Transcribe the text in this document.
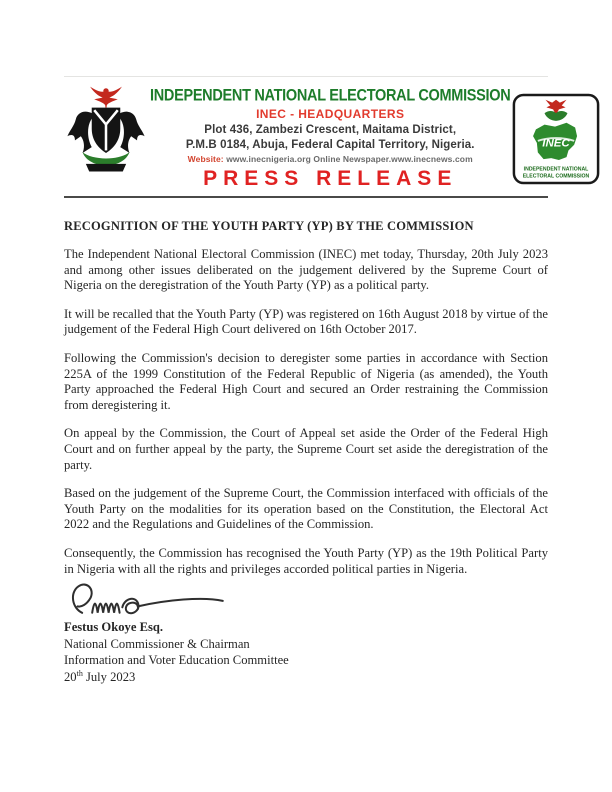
INDEPENDENT NATIONAL ELECTORAL COMMISSION
INEC - HEADQUARTERS
Plot 436, Zambezi Crescent, Maitama District,
P.M.B 0184, Abuja, Federal Capital Territory, Nigeria.
Website: www.inecnigeria.org Online Newspaper.www.inecnews.com
PRESS RELEASE
INEC
INDEPENDENT NATIONAL
ELECTORAL COMMISSION
RECOGNITION OF THE YOUTH PARTY (YP) BY THE COMMISSION

The Independent National Electoral Commission (INEC) met today, Thursday, 20th July 2023 and among other issues deliberated on the judgement delivered by the Supreme Court of Nigeria on the deregistration of the Youth Party (YP) as a political party.

It will be recalled that the Youth Party (YP) was registered on 16th August 2018 by virtue of the judgement of the Federal High Court delivered on 16th October 2017.

Following the Commission's decision to deregister some parties in accordance with Section 225A of the 1999 Constitution of the Federal Republic of Nigeria (as amended), the Youth Party approached the Federal High Court and secured an Order restraining the Commission from deregistering it.

On appeal by the Commission, the Court of Appeal set aside the Order of the Federal High Court and on further appeal by the party, the Supreme Court set aside the deregistration of the party.

Based on the judgement of the Supreme Court, the Commission interfaced with officials of the Youth Party on the modalities for its operation based on the Constitution, the Electoral Act 2022 and the Regulations and Guidelines of the Commission.

Consequently, the Commission has recognised the Youth Party (YP) as the 19th Political Party in Nigeria with all the rights and privileges accorded political parties in Nigeria.

Festus Okoye Esq.
National Commissioner & Chairman
Information and Voter Education Committee
20th July 2023
